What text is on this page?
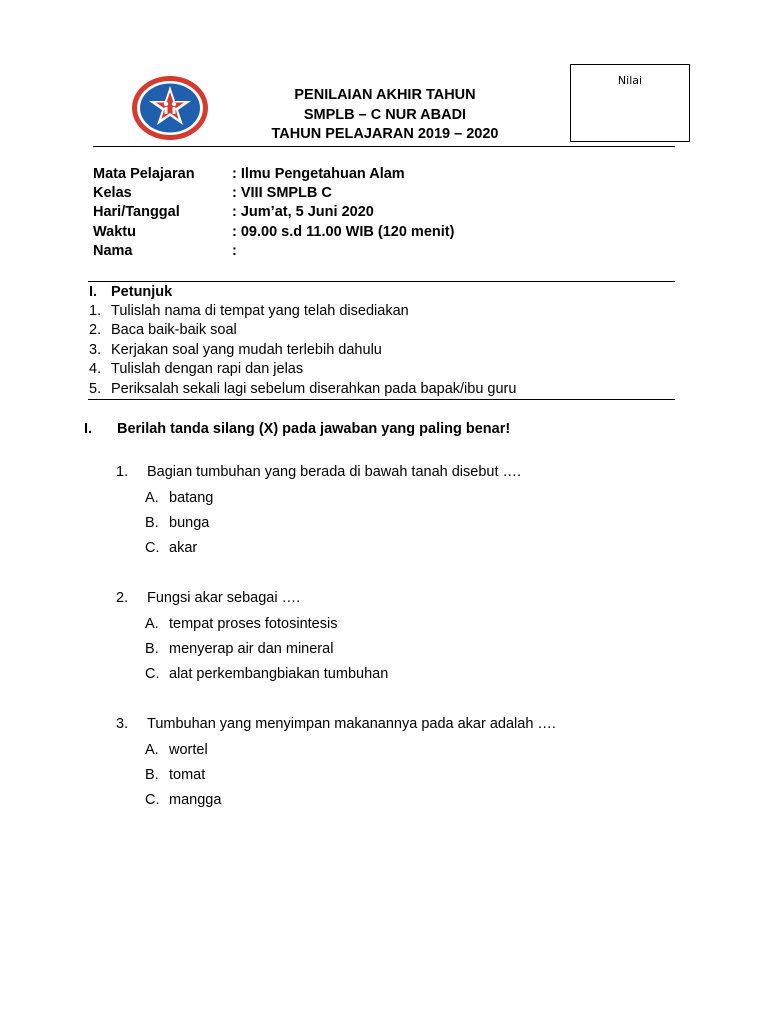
PENILAIAN AKHIR TAHUN
SMPLB – C NUR ABADI
TAHUN PELAJARAN 2019 – 2020
Nilai
Mata Pelajaran	: Ilmu Pengetahuan Alam
Kelas	: VIII SMPLB C
Hari/Tanggal	: Jum’at, 5 Juni 2020
Waktu	: 09.00 s.d 11.00 WIB (120 menit)
Nama	:
I. Petunjuk
1. Tulislah nama di tempat yang telah disediakan
2. Baca baik-baik soal
3. Kerjakan soal yang mudah terlebih dahulu
4. Tulislah dengan rapi dan jelas
5. Periksalah sekali lagi sebelum diserahkan pada bapak/ibu guru
I. Berilah tanda silang (X) pada jawaban yang paling benar!
1. Bagian tumbuhan yang berada di bawah tanah disebut ….
A. batang
B. bunga
C. akar
2. Fungsi akar sebagai ….
A. tempat proses fotosintesis
B. menyerap air dan mineral
C. alat perkembangbiakan tumbuhan
3. Tumbuhan yang menyimpan makanannya pada akar adalah ….
A. wortel
B. tomat
C. mangga
